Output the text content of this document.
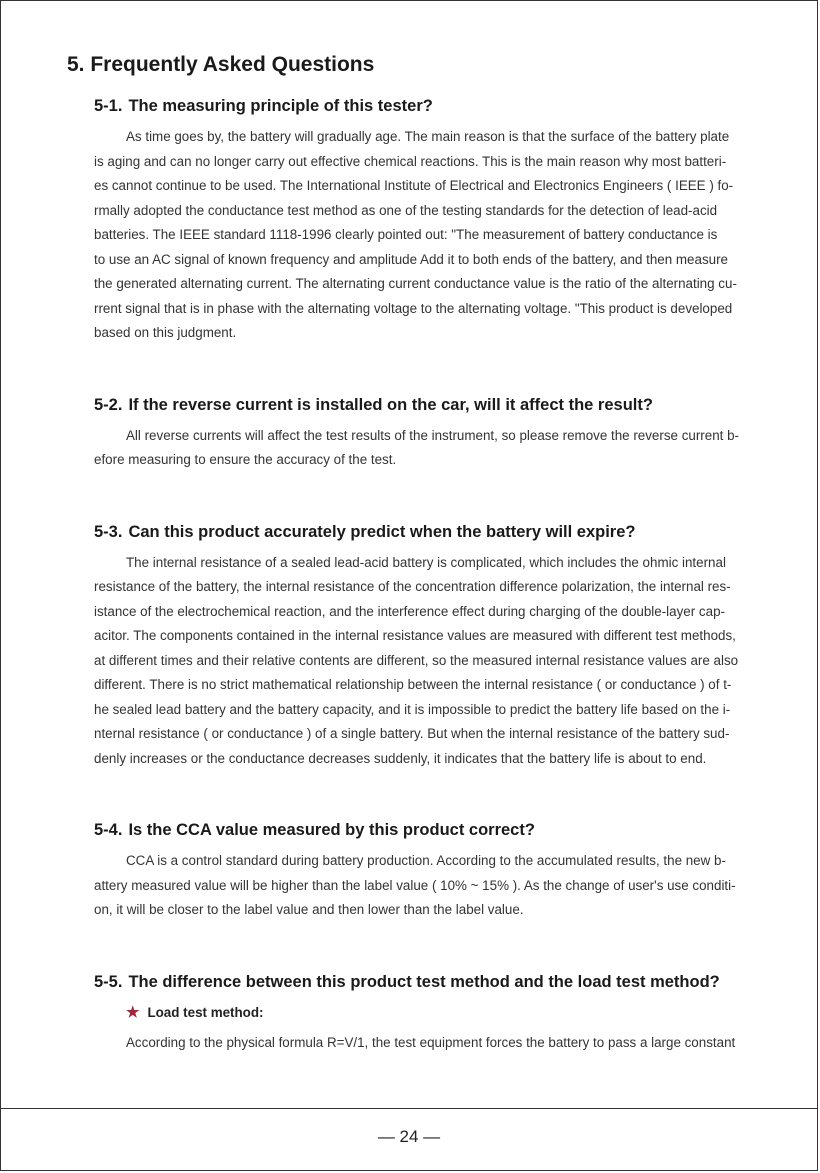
5. Frequently Asked Questions
5-1. The measuring principle of this tester?

As time goes by, the battery will gradually age. The main reason is that the surface of the battery plate
is aging and can no longer carry out effective chemical reactions. This is the main reason why most batteri-
es cannot continue to be used. The International Institute of Electrical and Electronics Engineers ( IEEE ) fo-
rmally adopted the conductance test method as one of the testing standards for the detection of lead-acid
batteries. The IEEE standard 1118-1996 clearly pointed out: "The measurement of battery conductance is
to use an AC signal of known frequency and amplitude Add it to both ends of the battery, and then measure
the generated alternating current. The alternating current conductance value is the ratio of the alternating cu-
rrent signal that is in phase with the alternating voltage to the alternating voltage. "This product is developed
based on this judgment.

5-2. If the reverse current is installed on the car, will it affect the result?

All reverse currents will affect the test results of the instrument, so please remove the reverse current b-
efore measuring to ensure the accuracy of the test.

5-3. Can this product accurately predict when the battery will expire?

The internal resistance of a sealed lead-acid battery is complicated, which includes the ohmic internal
resistance of the battery, the internal resistance of the concentration difference polarization, the internal res-
istance of the electrochemical reaction, and the interference effect during charging of the double-layer cap-
acitor. The components contained in the internal resistance values are measured with different test methods,
at different times and their relative contents are different, so the measured internal resistance values are also
different. There is no strict mathematical relationship between the internal resistance ( or conductance ) of t-
he sealed lead battery and the battery capacity, and it is impossible to predict the battery life based on the i-
nternal resistance ( or conductance ) of a single battery. But when the internal resistance of the battery sud-
denly increases or the conductance decreases suddenly, it indicates that the battery life is about to end.

5-4. Is the CCA value measured by this product correct?

CCA is a control standard during battery production. According to the accumulated results, the new b-
attery measured value will be higher than the label value ( 10% ~ 15% ). As the change of user's use conditi-
on, it will be closer to the label value and then lower than the label value.

5-5. The difference between this product test method and the load test method?
★ Load test method:

According to the physical formula R=V/1, the test equipment forces the battery to pass a large constant

— 24 —
